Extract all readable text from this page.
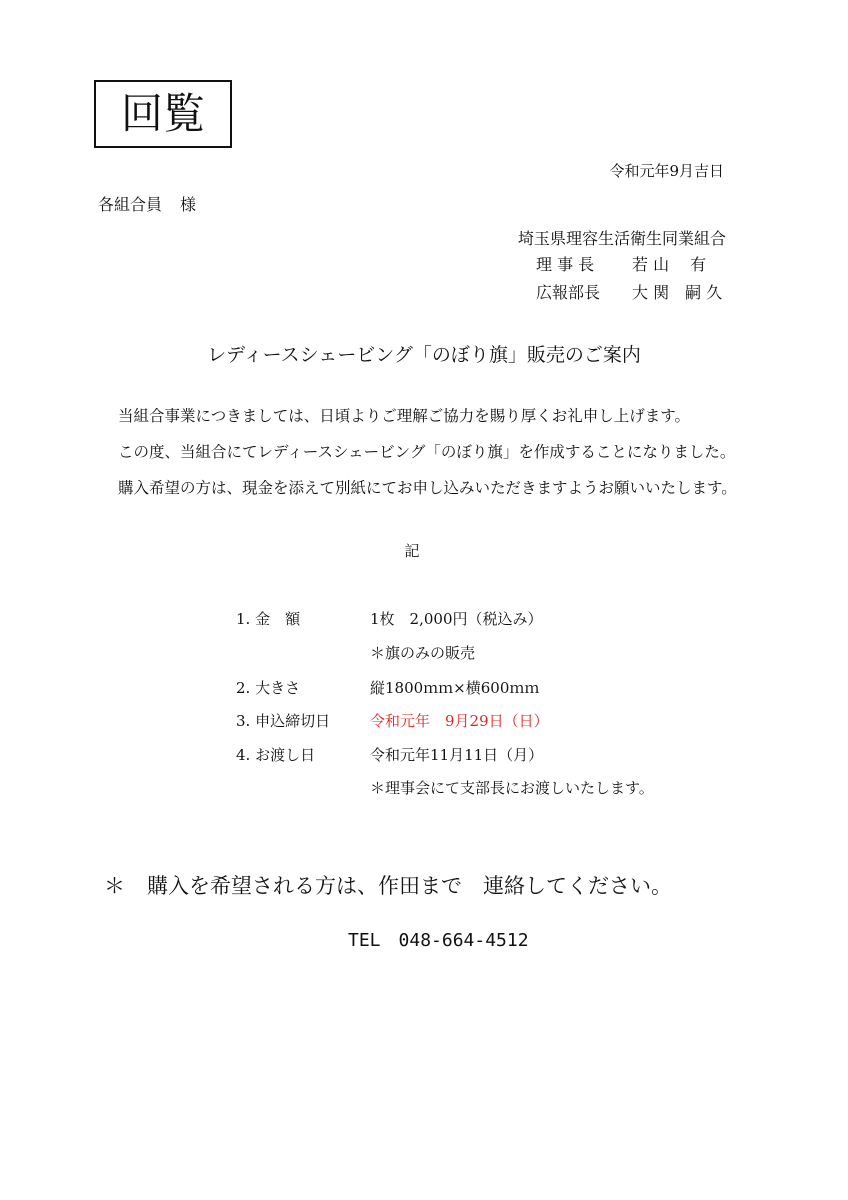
回覧
令和元年9月吉日
各組合員 様
埼玉県理容生活衛生同業組合
理 事 長 若 山　 有
広報部長 大 関　嗣 久
レディースシェービング「のぼり旗」販売のご案内
当組合事業につきましては、日頃よりご理解ご協力を賜り厚くお礼申し上げます。
この度、当組合にてレディースシェービング「のぼり旗」を作成することになりました。
購入希望の方は、現金を添えて別紙にてお申し込みいただきますようお願いいたします。
記
1. 金　額	1枚　2,000円（税込み）
＊旗のみの販売
2. 大きさ	縦1800ｍｍ×横600ｍｍ
3. 申込締切日	令和元年　9月29日（日）
4. お渡し日	令和元年11月11日（月）
＊理事会にて支部長にお渡しいたします。
＊ 購入を希望される方は、作田まで　連絡してください。
TEL 048-664-4512
